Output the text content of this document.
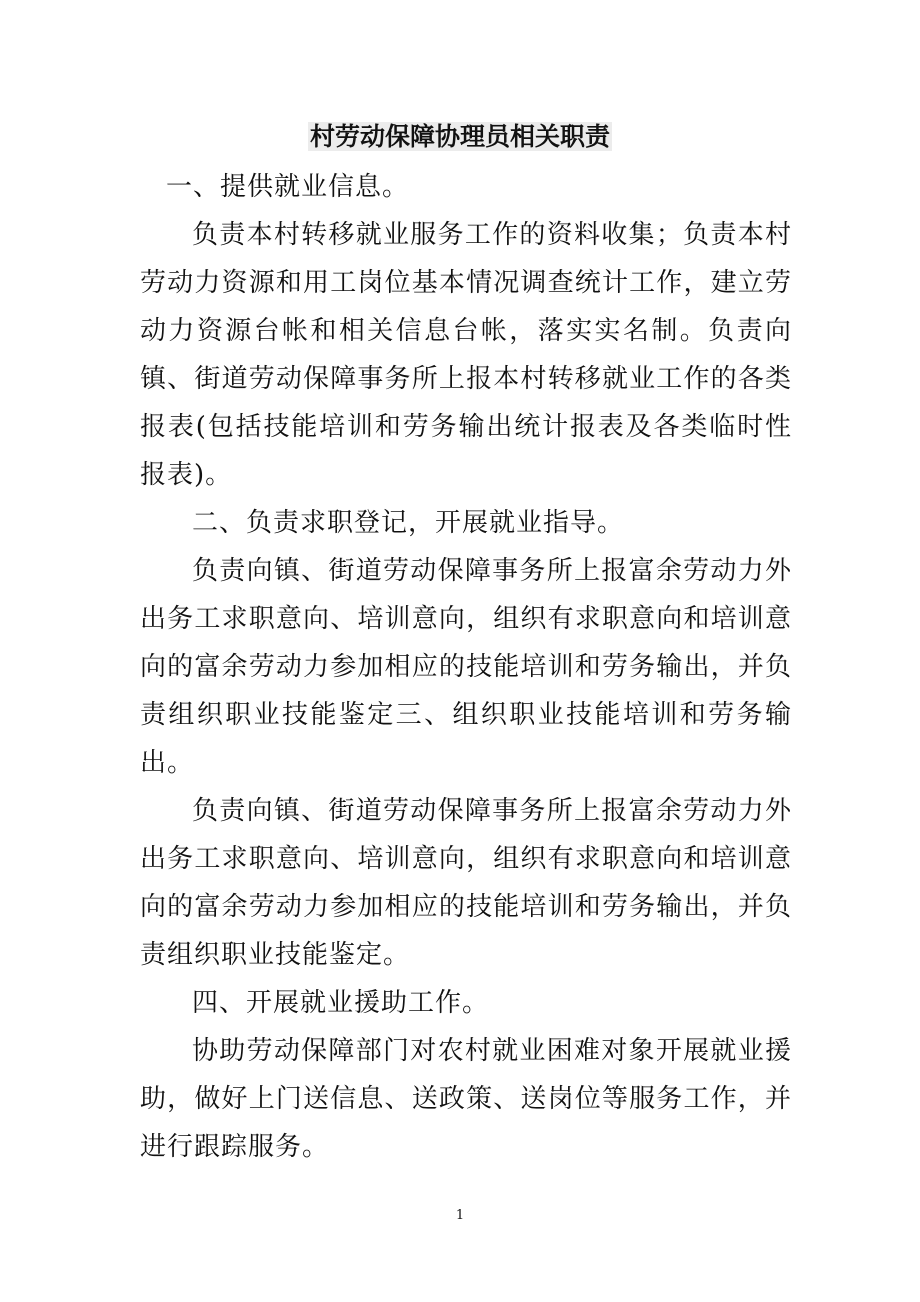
村劳动保障协理员相关职责

一、提供就业信息。

负责本村转移就业服务工作的资料收集；负责本村劳动力资源和用工岗位基本情况调查统计工作，建立劳动力资源台帐和相关信息台帐，落实实名制。负责向镇、街道劳动保障事务所上报本村转移就业工作的各类报表(包括技能培训和劳务输出统计报表及各类临时性报表)。

二、负责求职登记，开展就业指导。

负责向镇、街道劳动保障事务所上报富余劳动力外出务工求职意向、培训意向，组织有求职意向和培训意向的富余劳动力参加相应的技能培训和劳务输出，并负责组织职业技能鉴定三、组织职业技能培训和劳务输出。

负责向镇、街道劳动保障事务所上报富余劳动力外出务工求职意向、培训意向，组织有求职意向和培训意向的富余劳动力参加相应的技能培训和劳务输出，并负责组织职业技能鉴定。

四、开展就业援助工作。

协助劳动保障部门对农村就业困难对象开展就业援助，做好上门送信息、送政策、送岗位等服务工作，并进行跟踪服务。

1
